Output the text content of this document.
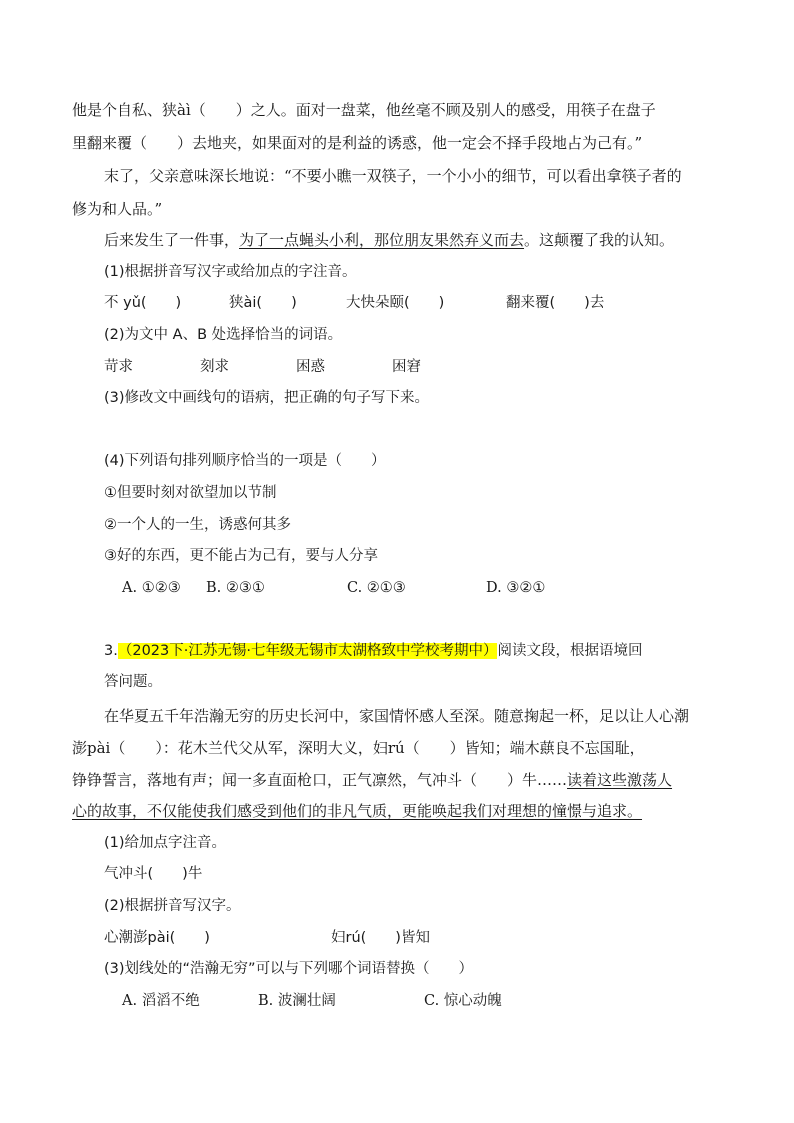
他是个自私、狭àì（　　）之人。面对一盘菜，他丝毫不顾及别人的感受，用筷子在盘子
里翻来覆（　　）去地夹，如果面对的是利益的诱惑，他一定会不择手段地占为己有。”
末了，父亲意味深长地说：“不要小瞧一双筷子，一个小小的细节，可以看出拿筷子者的
修为和人品。”
后来发生了一件事，为了一点蝇头小利，那位朋友果然弃义而去。这颠覆了我的认知。
(1)根据拼音写汉字或给加点的字注音。
不 yǔ(　　)	狭ài(　　)	大快朵颐(　　)	翻来覆(　　)去
(2)为文中 A、B 处选择恰当的词语。
苛求	刻求	困惑	困窘
(3)修改文中画线句的语病，把正确的句子写下来。
(4)下列语句排列顺序恰当的一项是（　　）
①但要时刻对欲望加以节制
②一个人的一生，诱惑何其多
③好的东西，更不能占为己有，要与人分享
A. ①②③ B. ②③①	C. ②①③	D. ③②①
3.（2023下·江苏无锡·七年级无锡市太湖格致中学校考期中）阅读文段，根据语境回
答问题。
在华夏五千年浩瀚无穷的历史长河中，家国情怀感人至深。随意掬起一杯，足以让人心潮
澎pài（　　）：花木兰代父从军，深明大义，妇rú（　　）皆知；端木蕻良不忘国耻，
铮铮誓言，落地有声；闻一多直面枪口，正气凛然，气冲斗（　　）牛……读着这些激荡人
心的故事，不仅能使我们感受到他们的非凡气质，更能唤起我们对理想的憧憬与追求。
(1)给加点字注音。
气冲斗(　　)牛
(2)根据拼音写汉字。
心潮澎pài(　　)	妇rú(　　)皆知
(3)划线处的“浩瀚无穷”可以与下列哪个词语替换（　　）
A. 滔滔不绝	B. 波澜壮阔	C. 惊心动魄
